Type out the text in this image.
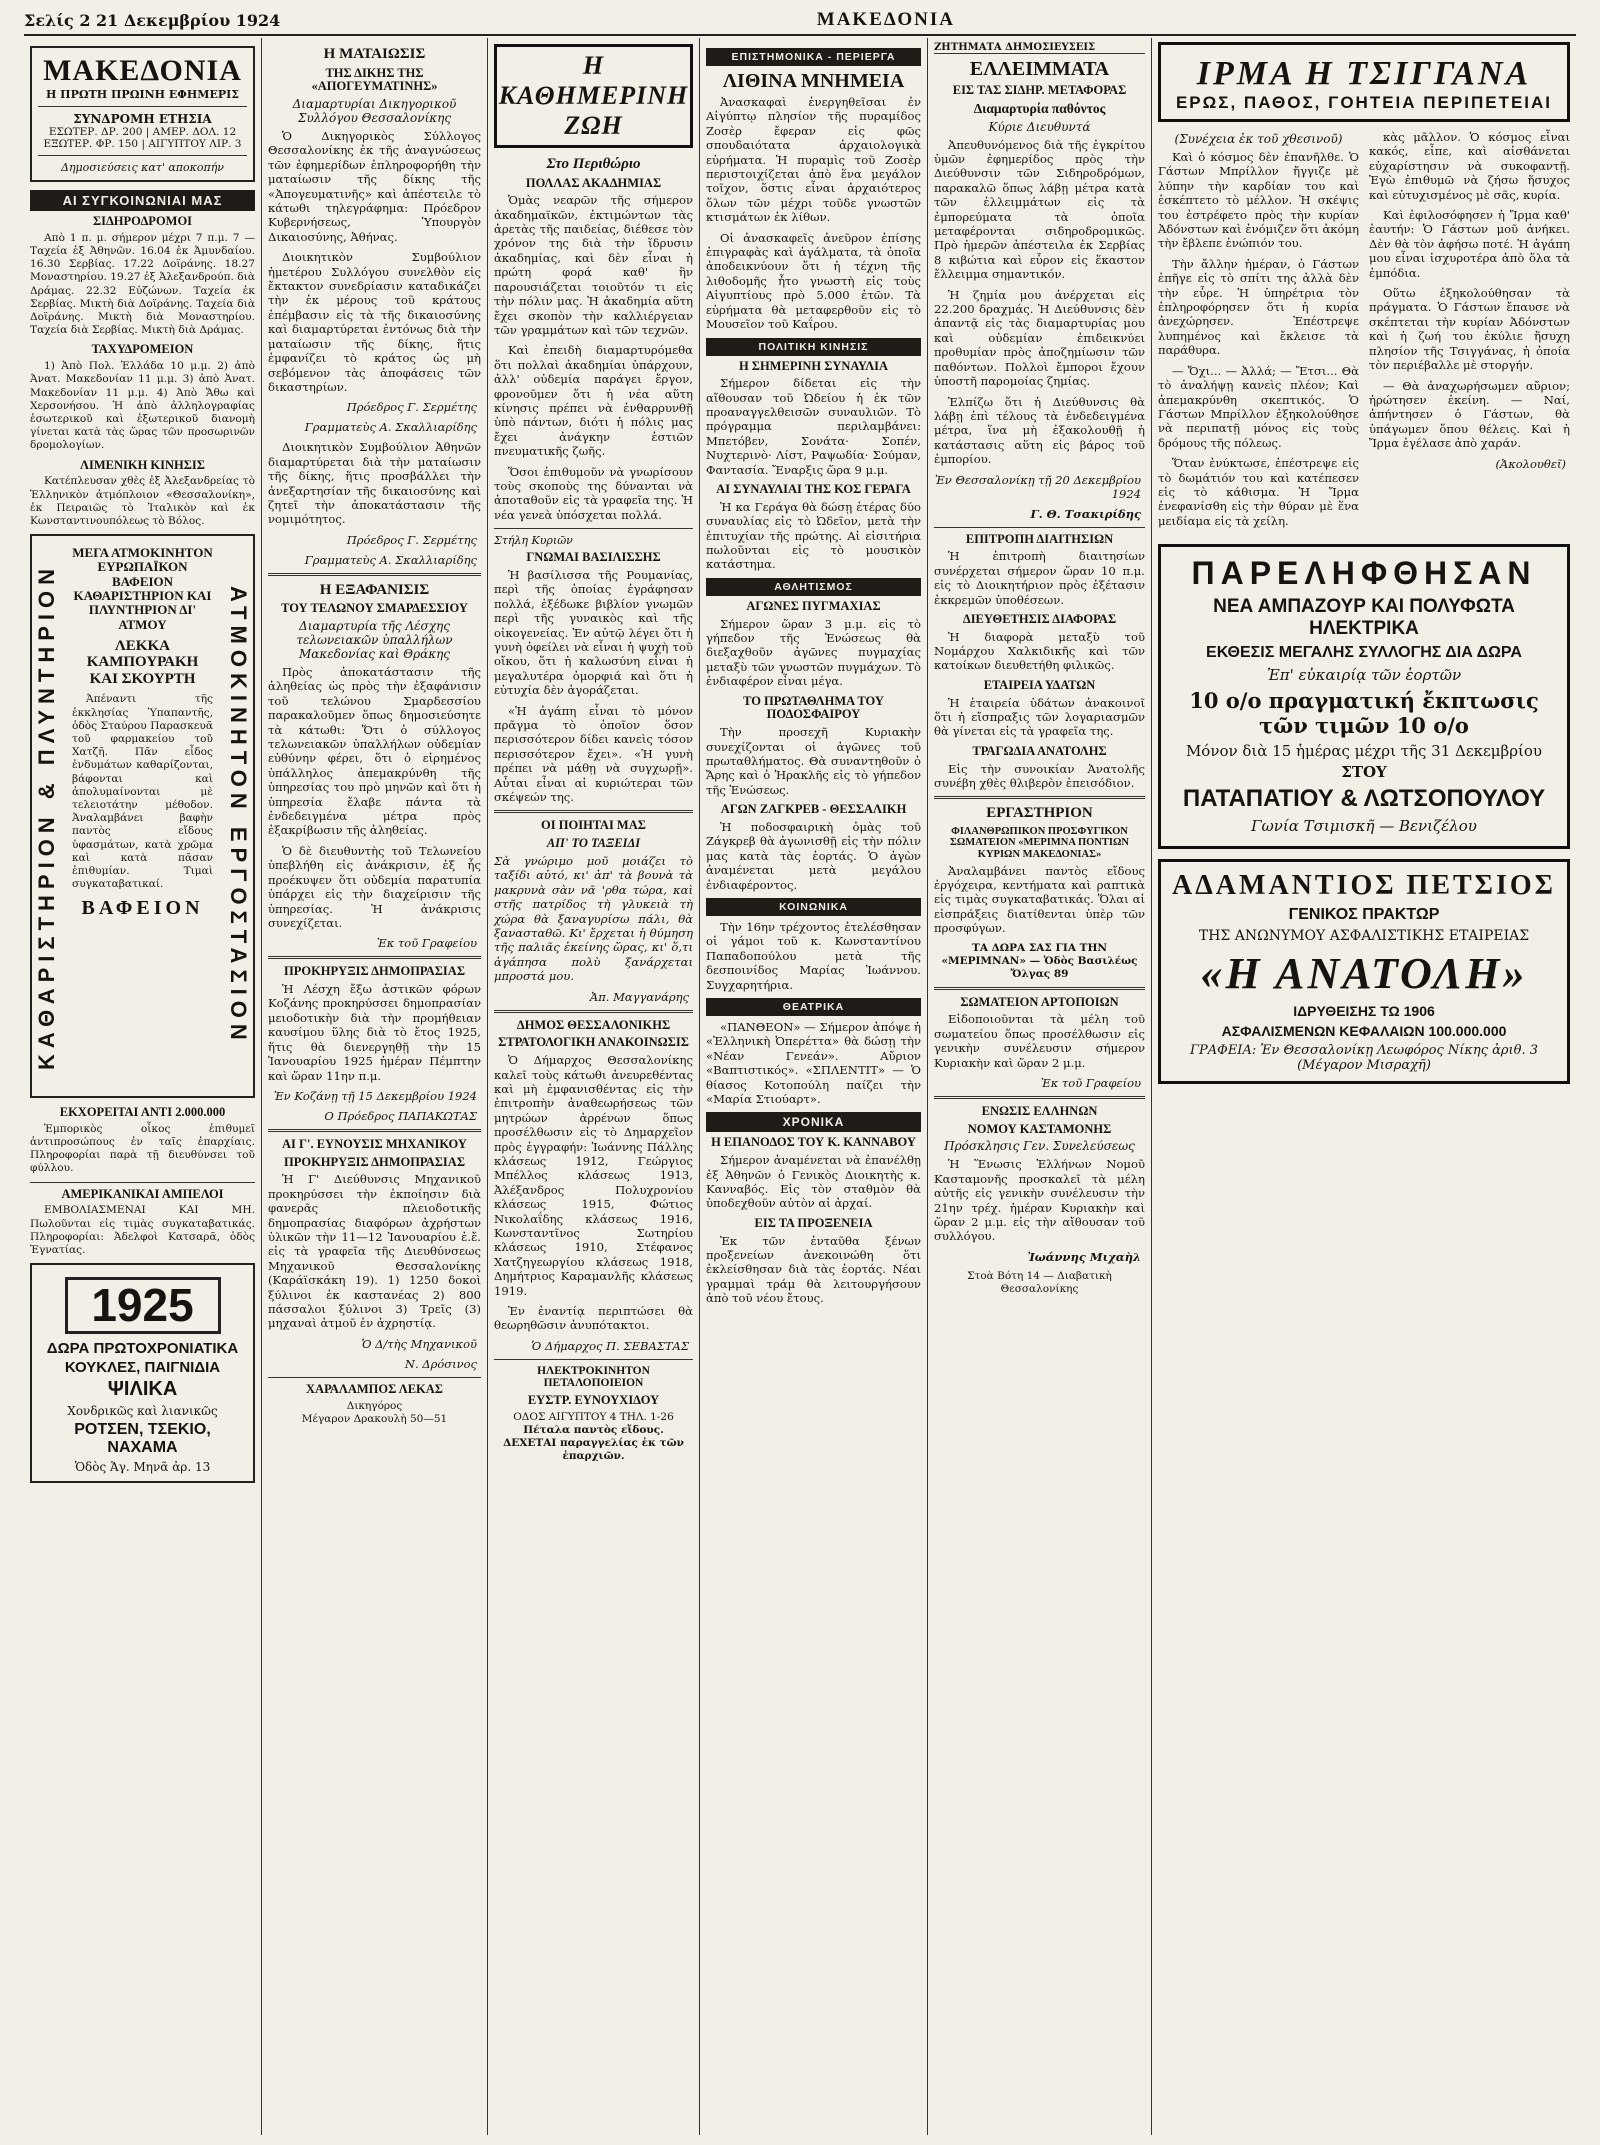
Σελίς 2 21 Δεκεμβρίου 1924	ΜΑΚΕΔΟΝΙΑ
ΜΑΚΕΔΟΝΙΑ
Η ΠΡΩΤΗ ΠΡΩΙΝΗ ΕΦΗΜΕΡΙΣ
ΣΥΝΔΡΟΜΗ ΕΤΗΣΙΑ
ΕΣΩΤΕΡ. ΔΡ. 200 | ΑΜΕΡ. ΔΟΛ. 12
ΕΞΩΤΕΡ. ΦΡ. 150 | ΑΙΓΥΠΤΟΥ ΛΙΡ. 3
Δημοσιεύσεις κατ' αποκοπήν
ΑΙ ΣΥΓΚΟΙΝΩΝΙΑΙ ΜΑΣ
ΣΙΔΗΡΟΔΡΟΜΟΙ

Απὸ 1 π. μ. σήμερον μέχρι 7 π.μ. 7 — Ταχεία ἐξ Ἀθηνῶν. 16.04 ἐκ Ἀμυνδαίου. 16.30 Σερβίας. 17.22 Δοϊράνης. 18.27 Μοναστηρίου. 19.27 ἐξ Ἀλεξανδρούπ. διὰ Δράμας. 22.32 Εὐζώνων. Ταχεία ἐκ Σερβίας. Μικτὴ διὰ Δοϊράνης. Ταχεία διὰ Δοϊράνης. Μικτὴ διὰ Μοναστηρίου. Ταχεία διὰ Σερβίας. Μικτὴ διὰ Δράμας.

ΤΑΧΥΔΡΟΜΕΙΟΝ

1) Ἀπὸ Πολ. Ἑλλάδα 10 μ.μ. 2) ἀπὸ Ἀνατ. Μακεδονίαν 11 μ.μ. 3) ἀπὸ Ἀνατ. Μακεδονίαν 11 μ.μ. 4) Ἀπὸ Ἄθω καὶ Χερσονήσου. Ἡ ἀπὸ ἀλληλογραφίας ἐσωτερικοῦ καὶ ἐξωτερικοῦ διανομὴ γίνεται κατὰ τὰς ὥρας τῶν προσωρινῶν δρομολογίων.

ΛΙΜΕΝΙΚΗ ΚΙΝΗΣΙΣ

Κατέπλευσαν χθὲς ἐξ Ἀλεξανδρείας τὸ Ἑλληνικὸν ἀτμόπλοιον «Θεσσαλονίκη», ἐκ Πειραιῶς τὸ Ἰταλικὸν καὶ ἐκ Κωνσταντινουπόλεως τὸ Βόλος.

ΚΑΘΑΡΙΣΤΗΡΙΟΝ & ΠΛΥΝΤΗΡΙΟΝ	ΑΤΜΟΚΙΝΗΤΟΝ ΕΡΓΟΣΤΑΣΙΟΝ
ΜΕΓΑ ΑΤΜΟΚΙΝΗΤΟΝ ΕΥΡΩΠΑΪΚΟΝ ΒΑΦΕΙΟΝ ΚΑΘΑΡΙΣΤΗΡΙΟΝ ΚΑΙ ΠΛΥΝΤΗΡΙΟΝ ΔΙ' ΑΤΜΟΥ
ΛΕΚΚΑ ΚΑΜΠΟΥΡΑΚΗ ΚΑΙ ΣΚΟΥΡΤΗ

Ἀπέναντι τῆς ἐκκλησίας Ὑπαπαντῆς, ὁδὸς Σταύρου Παρασκευᾶ τοῦ φαρμακείου τοῦ Χατζῆ. Πᾶν εἶδος ἐνδυμάτων καθαρίζονται, βάφονται καὶ ἀπολυμαίνονται μὲ τελειοτάτην μέθοδον. Ἀναλαμβάνει βαφὴν παντὸς εἴδους ὑφασμάτων, κατὰ χρῶμα καὶ κατὰ πᾶσαν ἐπιθυμίαν. Τιμαὶ συγκαταβατικαί.

ΒΑΦΕΙΟΝ
ΕΚΧΟΡΕΙΤΑΙ ΑΝΤΙ 2.000.000

Ἑμπορικὸς οἶκος ἐπιθυμεῖ ἀντιπροσώπους ἐν ταῖς ἐπαρχίαις. Πληροφορίαι παρὰ τῇ διευθύνσει τοῦ φύλλου.

ΑΜΕΡΙΚΑΝΙΚΑΙ ΑΜΠΕΛΟΙ

ΕΜΒΟΛΙΑΣΜΕΝΑΙ ΚΑΙ ΜΗ. Πωλοῦνται εἰς τιμὰς συγκαταβατικάς. Πληροφορίαι: Ἀδελφοὶ Κατσαρᾶ, ὁδὸς Ἐγνατίας.

1925
ΔΩΡΑ ΠΡΩΤΟΧΡΟΝΙΑΤΙΚΑ
ΚΟΥΚΛΕΣ, ΠΑΙΓΝΙΔΙΑ
ΨΙΛΙΚΑ
Χονδρικῶς καὶ λιανικῶς
ΡΟΤΣΕΝ, ΤΣΕΚΙΟ, ΝΑΧΑΜΑ
Ὁδὸς Ἁγ. Μηνᾶ ἀρ. 13
Η ΜΑΤΑΙΩΣΙΣ
ΤΗΣ ΔΙΚΗΣ ΤΗΣ «ΑΠΟΓΕΥΜΑΤΙΝΗΣ»
Διαμαρτυρίαι Δικηγορικοῦ Συλλόγου Θεσσαλονίκης

Ὁ Δικηγορικὸς Σύλλογος Θεσσαλονίκης ἐκ τῆς ἀναγνώσεως τῶν ἐφημερίδων ἐπληροφορήθη τὴν ματαίωσιν τῆς δίκης τῆς «Ἀπογευματινῆς» καὶ ἀπέστειλε τὸ κάτωθι τηλεγράφημα: Πρόεδρον Κυβερνήσεως, Ὑπουργὸν Δικαιοσύνης, Ἀθήνας.

Διοικητικὸν Συμβούλιον ἡμετέρου Συλλόγου συνελθὸν εἰς ἔκτακτον συνεδρίασιν καταδικάζει τὴν ἐκ μέρους τοῦ κράτους ἐπέμβασιν εἰς τὰ τῆς δικαιοσύνης καὶ διαμαρτύρεται ἐντόνως διὰ τὴν ματαίωσιν τῆς δίκης, ἥτις ἐμφανίζει τὸ κράτος ὡς μὴ σεβόμενον τὰς ἀποφάσεις τῶν δικαστηρίων.

Πρόεδρος Γ. Σερμέτης
Γραμματεὺς Α. Σκαλλιαρίδης

Διοικητικὸν Συμβούλιον Ἀθηνῶν διαμαρτύρεται διὰ τὴν ματαίωσιν τῆς δίκης, ἥτις προσβάλλει τὴν ἀνεξαρτησίαν τῆς δικαιοσύνης καὶ ζητεῖ τὴν ἀποκατάστασιν τῆς νομιμότητος.

Πρόεδρος Γ. Σερμέτης
Γραμματεὺς Α. Σκαλλιαρίδης
Η ΕΞΑΦΑΝΙΣΙΣ
ΤΟΥ ΤΕΛΩΝΟΥ ΣΜΑΡΔΕΣΣΙΟΥ
Διαμαρτυρία τῆς Λέσχης τελωνειακῶν ὑπαλλήλων Μακεδονίας καὶ Θράκης

Πρὸς ἀποκατάστασιν τῆς ἀληθείας ὡς πρὸς τὴν ἐξαφάνισιν τοῦ τελώνου Σμαρδεσσίου παρακαλοῦμεν ὅπως δημοσιεύσητε τὰ κάτωθι: Ὅτι ὁ σύλλογος τελωνειακῶν ὑπαλλήλων οὐδεμίαν εὐθύνην φέρει, ὅτι ὁ εἰρημένος ὑπάλληλος ἀπεμακρύνθη τῆς ὑπηρεσίας του πρὸ μηνῶν καὶ ὅτι ἡ ὑπηρεσία ἔλαβε πάντα τὰ ἐνδεδειγμένα μέτρα πρὸς ἐξακρίβωσιν τῆς ἀληθείας.

Ὁ δὲ διευθυντὴς τοῦ Τελωνείου ὑπεβλήθη εἰς ἀνάκρισιν, ἐξ ἧς προέκυψεν ὅτι οὐδεμία παρατυπία ὑπάρχει εἰς τὴν διαχείρισιν τῆς ὑπηρεσίας. Ἡ ἀνάκρισις συνεχίζεται.

Ἐκ τοῦ Γραφείου
ΠΡΟΚΗΡΥΞΙΣ ΔΗΜΟΠΡΑΣΙΑΣ

Ἡ Λέσχη ἔξω ἀστικῶν φόρων Κοζάνης προκηρύσσει δημοπρασίαν μειοδοτικὴν διὰ τὴν προμήθειαν καυσίμου ὕλης διὰ τὸ ἔτος 1925, ἥτις θὰ διενεργηθῇ τὴν 15 Ἰανουαρίου 1925 ἡμέραν Πέμπτην καὶ ὥραν 11ην π.μ.

Ἐν Κοζάνῃ τῇ 15 Δεκεμβρίου 1924
Ο Πρόεδρος ΠΑΠΑΚΩΤΑΣ
ΑΙ Γ'. ΕΥΝΟΥΣΙΣ ΜΗΧΑΝΙΚΟΥ
ΠΡΟΚΗΡΥΞΙΣ ΔΗΜΟΠΡΑΣΙΑΣ

Ἡ Γ' Διεύθυνσις Μηχανικοῦ προκηρύσσει τὴν ἐκποίησιν διὰ φανερᾶς πλειοδοτικῆς δημοπρασίας διαφόρων ἀχρήστων ὑλικῶν τὴν 11—12 Ἰανουαρίου ἐ.ἔ. εἰς τὰ γραφεῖα τῆς Διευθύνσεως Μηχανικοῦ Θεσσαλονίκης (Καράϊσκάκη 19). 1) 1250 δοκοὶ ξύλινοι ἐκ καστανέας 2) 800 πάσσαλοι ξύλινοι 3) Τρεῖς (3) μηχαναὶ ἀτμοῦ ἐν ἀχρηστίᾳ.

Ὁ Δ/τὴς Μηχανικοῦ
Ν. Δρόσινος
ΧΑΡΑΛΑΜΠΟΣ ΛΕΚΑΣ
Δικηγόρος
Μέγαρον Δρακουλὴ 50—51
Η ΚΑΘΗΜΕΡΙΝΗ ΖΩΗ
Στο Περιθώριο
ΠΟΛΛΑΣ ΑΚΑΔΗΜΙΑΣ

Ὁμὰς νεαρῶν τῆς σήμερον ἀκαδημαϊκῶν, ἐκτιμώντων τὰς ἀρετὰς τῆς παιδείας, διέθεσε τὸν χρόνον της διὰ τὴν ἵδρυσιν ἀκαδημίας, καὶ δὲν εἶναι ἡ πρώτη φορά καθ' ἣν παρουσιάζεται τοιοῦτόν τι εἰς τὴν πόλιν μας. Ἡ ἀκαδημία αὕτη ἔχει σκοπὸν τὴν καλλιέργειαν τῶν γραμμάτων καὶ τῶν τεχνῶν.

Καὶ ἐπειδὴ διαμαρτυρόμεθα ὅτι πολλαὶ ἀκαδημίαι ὑπάρχουν, ἀλλ' οὐδεμία παράγει ἔργον, φρονοῦμεν ὅτι ἡ νέα αὕτη κίνησις πρέπει νὰ ἐνθαρρυνθῇ ὑπὸ πάντων, διότι ἡ πόλις μας ἔχει ἀνάγκην ἑστιῶν πνευματικῆς ζωῆς.

Ὅσοι ἐπιθυμοῦν νὰ γνωρίσουν τοὺς σκοποὺς της δύνανται νὰ ἀποταθοῦν εἰς τὰ γραφεῖα της. Ἡ νέα γενεὰ ὑπόσχεται πολλά.

Στήλη Κυριῶν
ΓΝΩΜΑΙ ΒΑΣΙΛΙΣΣΗΣ

Ἡ βασίλισσα τῆς Ρουμανίας, περὶ τῆς ὁποίας ἐγράφησαν πολλά, ἐξέδωκε βιβλίον γνωμῶν περὶ τῆς γυναικὸς καὶ τῆς οἰκογενείας. Ἐν αὐτῷ λέγει ὅτι ἡ γυνὴ ὀφείλει νὰ εἶναι ἡ ψυχὴ τοῦ οἴκου, ὅτι ἡ καλωσύνη εἶναι ἡ μεγαλυτέρα ὀμορφιά καὶ ὅτι ἡ εὐτυχία δὲν ἀγοράζεται.

«Ἡ ἀγάπη εἶναι τὸ μόνον πρᾶγμα τὸ ὁποῖον ὅσον περισσότερον δίδει κανεὶς τόσον περισσότερον ἔχει». «Ἡ γυνὴ πρέπει νὰ μάθῃ νὰ συγχωρῇ». Αὗται εἶναι αἱ κυριώτεραι τῶν σκέψεών της.

ΟΙ ΠΟΙΗΤΑΙ ΜΑΣ
ΑΠ' ΤΟ ΤΑΞΕΙΔΙ

Σὰ γνώριμο μοῦ μοιάζει τὸ ταξίδι αὐτό, κι' ἀπ' τὰ βουνὰ τὰ μακρυνὰ σὰν νᾶ 'ρθα τώρα, καὶ στῆς πατρίδος τὴ γλυκειὰ τὴ χώρα θὰ ξαναγυρίσω πάλι, θὰ ξανασταθῶ. Κι' ἔρχεται ἡ θύμηση τῆς παλιᾶς ἐκείνης ὥρας, κι' ὅ,τι ἀγάπησα πολὺ ξανάρχεται μπροστά μου.

Ἀπ. Μαγγανάρης
ΔΗΜΟΣ ΘΕΣΣΑΛΟΝΙΚΗΣ
ΣΤΡΑΤΟΛΟΓΙΚΗ ΑΝΑΚΟΙΝΩΣΙΣ

Ὁ Δήμαρχος Θεσσαλονίκης καλεῖ τοὺς κάτωθι ἀνευρεθέντας καὶ μὴ ἐμφανισθέντας εἰς τὴν ἐπιτροπὴν ἀναθεωρήσεως τῶν μητρώων ἀρρένων ὅπως προσέλθωσιν εἰς τὸ Δημαρχεῖον πρὸς ἐγγραφήν: Ἰωάννης Πάλλης κλάσεως 1912, Γεώργιος Μπέλλος κλάσεως 1913, Ἀλέξανδρος Πολυχρονίου κλάσεως 1915, Φώτιος Νικολαΐδης κλάσεως 1916, Κωνσταντῖνος Σωτηρίου κλάσεως 1910, Στέφανος Χατζηγεωργίου κλάσεως 1918, Δημήτριος Καραμανλῆς κλάσεως 1919.

Ἐν ἐναντίᾳ περιπτώσει θὰ θεωρηθῶσιν ἀνυπότακτοι.

Ὁ Δήμαρχος Π. ΣΕΒΑΣΤΑΣ
ΗΛΕΚΤΡΟΚΙΝΗΤΟΝ ΠΕΤΑΛΟΠΟΙΕΙΟΝ
ΕΥΣΤΡ. ΕΥΝΟΥΧΙΔΟΥ
ΟΔΟΣ ΑΙΓΥΠΤΟΥ 4 ΤΗΛ. 1-26
Πέταλα παντὸς εἴδους.
ΔΕΧΕΤΑΙ παραγγελίας ἐκ τῶν ἐπαρχιῶν.
ΕΠΙΣΤΗΜΟΝΙΚΑ - ΠΕΡΙΕΡΓΑ
ΛΙΘΙΝΑ ΜΝΗΜΕΙΑ

Ἀνασκαφαὶ ἐνεργηθεῖσαι ἐν Αἰγύπτῳ πλησίον τῆς πυραμίδος Ζοσὲρ ἔφεραν εἰς φῶς σπουδαιότατα ἀρχαιολογικὰ εὑρήματα. Ἡ πυραμὶς τοῦ Ζοσὲρ περιστοιχίζεται ἀπὸ ἕνα μεγάλον τοῖχον, ὅστις εἶναι ἀρχαιότερος ὅλων τῶν μέχρι τοῦδε γνωστῶν κτισμάτων ἐκ λίθων.

Οἱ ἀνασκαφεῖς ἀνεῦρον ἐπίσης ἐπιγραφὰς καὶ ἀγάλματα, τὰ ὁποῖα ἀποδεικνύουν ὅτι ἡ τέχνη τῆς λιθοδομῆς ἦτο γνωστὴ εἰς τοὺς Αἰγυπτίους πρὸ 5.000 ἐτῶν. Τὰ εὑρήματα θὰ μεταφερθοῦν εἰς τὸ Μουσεῖον τοῦ Καΐρου.

ΠΟΛΙΤΙΚΗ ΚΙΝΗΣΙΣ
Η ΣΗΜΕΡΙΝΗ ΣΥΝΑΥΛΙΑ

Σήμερον δίδεται εἰς τὴν αἴθουσαν τοῦ Ὠδείου ἡ ἐκ τῶν προαναγγελθεισῶν συναυλιῶν. Τὸ πρόγραμμα περιλαμβάνει: Μπετόβεν, Σονάτα· Σοπέν, Νυχτερινὸ· Λίστ, Ραψωδία· Σούμαν, Φαντασία. Ἔναρξις ὥρα 9 μ.μ.

ΑΙ ΣΥΝΑΥΛΙΑΙ ΤΗΣ ΚΟΣ ΓΕΡΑΓΑ

Ἡ κα Γεράγα θὰ δώσῃ ἑτέρας δύο συναυλίας εἰς τὸ Ὠδεῖον, μετὰ τὴν ἐπιτυχίαν τῆς πρώτης. Αἱ εἰσιτήρια πωλοῦνται εἰς τὸ μουσικὸν κατάστημα.

ΑΘΛΗΤΙΣΜΟΣ
ΑΓΩΝΕΣ ΠΥΓΜΑΧΙΑΣ

Σήμερον ὥραν 3 μ.μ. εἰς τὸ γήπεδον τῆς Ἑνώσεως θὰ διεξαχθοῦν ἀγῶνες πυγμαχίας μεταξὺ τῶν γνωστῶν πυγμάχων. Τὸ ἐνδιαφέρον εἶναι μέγα.

ΤΟ ΠΡΩΤΑΘΛΗΜΑ ΤΟΥ ΠΟΔΟΣΦΑΙΡΟΥ

Τὴν προσεχῆ Κυριακὴν συνεχίζονται οἱ ἀγῶνες τοῦ πρωταθλήματος. Θὰ συναντηθοῦν ὁ Ἄρης καὶ ὁ Ἡρακλῆς εἰς τὸ γήπεδον τῆς Ἑνώσεως.

ΑΓΩΝ ΖΑΓΚΡΕΒ - ΘΕΣΣΑΛΙΚΗ

Ἡ ποδοσφαιρικὴ ὁμὰς τοῦ Ζάγκρεβ θὰ ἀγωνισθῇ εἰς τὴν πόλιν μας κατὰ τὰς ἑορτάς. Ὁ ἀγὼν ἀναμένεται μετὰ μεγάλου ἐνδιαφέροντος.

ΚΟΙΝΩΝΙΚΑ

Τὴν 16ην τρέχοντος ἐτελέσθησαν οἱ γάμοι τοῦ κ. Κωνσταντίνου Παπαδοπούλου μετὰ τῆς δεσποινίδος Μαρίας Ἰωάννου. Συγχαρητήρια.

ΘΕΑΤΡΙΚΑ

«ΠΑΝΘΕΟΝ» — Σήμερον ἀπόψε ἡ «Ἑλληνικὴ Ὀπερέττα» θὰ δώσῃ τὴν «Νέαν Γενεάν». Αὔριον «Βαπτιστικός». «ΣΠΛΕΝΤΙΤ» — Ὁ θίασος Κοτοπούλη παίζει τὴν «Μαρία Στιούαρτ».

ΧΡΟΝΙΚΑ
Η ΕΠΑΝΟΔΟΣ ΤΟΥ Κ. ΚΑΝΝΑΒΟΥ

Σήμερον ἀναμένεται νὰ ἐπανέλθῃ ἐξ Ἀθηνῶν ὁ Γενικὸς Διοικητὴς κ. Κανναβός. Εἰς τὸν σταθμὸν θὰ ὑποδεχθοῦν αὐτὸν αἱ ἀρχαί.

ΕΙΣ ΤΑ ΠΡΟΞΕΝΕΙΑ

Ἐκ τῶν ἐνταῦθα ξένων προξενείων ἀνεκοινώθη ὅτι ἐκλείσθησαν διὰ τὰς ἑορτάς. Νέαι γραμμαὶ τράμ θὰ λειτουργήσουν ἀπὸ τοῦ νέου ἔτους.

ΖΗΤΗΜΑΤΑ ΔΗΜΟΣΙΕΥΣΕΙΣ
ΕΛΛΕΙΜΜΑΤΑ
ΕΙΣ ΤΑΣ ΣΙΔΗΡ. ΜΕΤΑΦΟΡΑΣ
Διαμαρτυρία παθόντος
Κύριε Διευθυντά

Ἀπευθυνόμενος διὰ τῆς ἐγκρίτου ὑμῶν ἐφημερίδος πρὸς τὴν Διεύθυνσιν τῶν Σιδηροδρόμων, παρακαλῶ ὅπως λάβῃ μέτρα κατὰ τῶν ἐλλειμμάτων εἰς τὰ ἐμπορεύματα τὰ ὁποῖα μεταφέρονται σιδηροδρομικῶς. Πρὸ ἡμερῶν ἀπέστειλα ἐκ Σερβίας 8 κιβώτια καὶ εὗρον εἰς ἕκαστον ἔλλειμμα σημαντικόν.

Ἡ ζημία μου ἀνέρχεται εἰς 22.200 δραχμάς. Ἡ Διεύθυνσις δὲν ἀπαντᾷ εἰς τὰς διαμαρτυρίας μου καὶ οὐδεμίαν ἐπιδεικνύει προθυμίαν πρὸς ἀποζημίωσιν τῶν παθόντων. Πολλοὶ ἔμποροι ἔχουν ὑποστῆ παρομοίας ζημίας.

Ἐλπίζω ὅτι ἡ Διεύθυνσις θὰ λάβῃ ἐπὶ τέλους τὰ ἐνδεδειγμένα μέτρα, ἵνα μὴ ἐξακολουθῇ ἡ κατάστασις αὕτη εἰς βάρος τοῦ ἐμπορίου.

Ἐν Θεσσαλονίκῃ τῇ 20 Δεκεμβρίου 1924
Γ. Θ. Τσακιρίδης
ΕΠΙΤΡΟΠΗ ΔΙΑΙΤΗΣΙΩΝ

Ἡ ἐπιτροπὴ διαιτησίων συνέρχεται σήμερον ὥραν 10 π.μ. εἰς τὸ Διοικητήριον πρὸς ἐξέτασιν ἐκκρεμῶν ὑποθέσεων.

ΔΙΕΥΘΕΤΗΣΙΣ ΔΙΑΦΟΡΑΣ

Ἡ διαφορὰ μεταξὺ τοῦ Νομάρχου Χαλκιδικῆς καὶ τῶν κατοίκων διευθετήθη φιλικῶς.

ΕΤΑΙΡΕΙΑ ΥΔΑΤΩΝ

Ἡ ἑταιρεία ὑδάτων ἀνακοινοῖ ὅτι ἡ εἴσπραξις τῶν λογαριασμῶν θὰ γίνεται εἰς τὰ γραφεῖα της.

ΤΡΑΓΩΔΙΑ ΑΝΑΤΟΛΗΣ

Εἰς τὴν συνοικίαν Ἀνατολῆς συνέβη χθὲς θλιβερὸν ἐπεισόδιον.

ΕΡΓΑΣΤΗΡΙΟΝ
ΦΙΛΑΝΘΡΩΠΙΚΟΝ ΠΡΟΣΦΥΓΙΚΟΝ ΣΩΜΑΤΕΙΟΝ «ΜΕΡΙΜΝΑ ΠΟΝΤΙΩΝ ΚΥΡΙΩΝ ΜΑΚΕΔΟΝΙΑΣ»

Ἀναλαμβάνει παντὸς εἴδους ἐργόχειρα, κεντήματα καὶ ραπτικὰ εἰς τιμὰς συγκαταβατικάς. Ὅλαι αἱ εἰσπράξεις διατίθενται ὑπὲρ τῶν προσφύγων.

ΤΑ ΔΩΡΑ ΣΑΣ ΓΙΑ ΤΗΝ «ΜΕΡΙΜΝΑΝ» — Ὁδὸς Βασιλέως Ὄλγας 89
ΣΩΜΑΤΕΙΟΝ ΑΡΤΟΠΟΙΩΝ

Εἰδοποιοῦνται τὰ μέλη τοῦ σωματείου ὅπως προσέλθωσιν εἰς γενικὴν συνέλευσιν σήμερον Κυριακὴν καὶ ὥραν 2 μ.μ.

Ἐκ τοῦ Γραφείου
ΕΝΩΣΙΣ ΕΛΛΗΝΩΝ
ΝΟΜΟΥ ΚΑΣΤΑΜΟΝΗΣ
Πρόσκλησις Γεν. Συνελεύσεως

Ἡ Ἕνωσις Ἑλλήνων Νομοῦ Κασταμονῆς προσκαλεῖ τὰ μέλη αὐτῆς εἰς γενικὴν συνέλευσιν τὴν 21ην τρέχ. ἡμέραν Κυριακὴν καὶ ὥραν 2 μ.μ. εἰς τὴν αἴθουσαν τοῦ συλλόγου.

Ἰωάννης Μιχαὴλ
Στοὰ Βότη 14 — Διαβατικὴ Θεσσαλονίκης
ΙΡΜΑ Η ΤΣΙΓΓΑΝΑ
ΕΡΩΣ, ΠΑΘΟΣ, ΓΟΗΤΕΙΑ ΠΕΡΙΠΕΤΕΙΑΙ
(Συνέχεια ἐκ τοῦ χθεσινοῦ)

Καὶ ὁ κόσμος δὲν ἐπανῆλθε. Ὁ Γάστων Μπρίλλον ἤγγιζε μὲ λύπην τὴν καρδίαν του καὶ ἐσκέπτετο τὸ μέλλον. Ἡ σκέψις του ἐστρέφετο πρὸς τὴν κυρίαν Ἀδόνστων καὶ ἐνόμιζεν ὅτι ἀκόμη τὴν ἔβλεπε ἐνώπιόν του.

Τὴν ἄλλην ἡμέραν, ὁ Γάστων ἐπῆγε εἰς τὸ σπίτι της ἀλλὰ δὲν τὴν εὗρε. Ἡ ὑπηρέτρια τὸν ἐπληροφόρησεν ὅτι ἡ κυρία ἀνεχώρησεν. Ἐπέστρεψε λυπημένος καὶ ἔκλεισε τὰ παράθυρα.

— Ὄχι... — Ἀλλά; — Ἔτσι... Θὰ τὸ ἀναλήψῃ κανεὶς πλέον; Καὶ ἀπεμακρύνθη σκεπτικός. Ὁ Γάστων Μπρίλλον ἐξηκολούθησε νὰ περιπατῇ μόνος εἰς τοὺς δρόμους τῆς πόλεως.

Ὅταν ἐνύκτωσε, ἐπέστρεψε εἰς τὸ δωμάτιόν του καὶ κατέπεσεν εἰς τὸ κάθισμα. Ἡ Ἴρμα ἐνεφανίσθη εἰς τὴν θύραν μὲ ἕνα μειδίαμα εἰς τὰ χείλη.

κὰς μᾶλλον. Ὁ κόσμος εἶναι κακός, εἶπε, καὶ αἰσθάνεται εὐχαρίστησιν νὰ συκοφαντῇ. Ἐγὼ ἐπιθυμῶ νὰ ζήσω ἥσυχος καὶ εὐτυχισμένος μὲ σᾶς, κυρία.

Καὶ ἐφιλοσόφησεν ἡ Ἴρμα καθ' ἑαυτήν: Ὁ Γάστων μοῦ ἀνήκει. Δὲν θὰ τὸν ἀφήσω ποτέ. Ἡ ἀγάπη μου εἶναι ἰσχυροτέρα ἀπὸ ὅλα τὰ ἐμπόδια.

Οὕτω ἐξηκολούθησαν τὰ πράγματα. Ὁ Γάστων ἔπαυσε νὰ σκέπτεται τὴν κυρίαν Ἀδόνστων καὶ ἡ ζωή του ἐκύλιε ἥσυχη πλησίον τῆς Τσιγγάνας, ἡ ὁποία τὸν περιέβαλλε μὲ στοργήν.

— Θὰ ἀναχωρήσωμεν αὔριον; ἠρώτησεν ἐκείνη. — Ναί, ἀπήντησεν ὁ Γάστων, θὰ ὑπάγωμεν ὅπου θέλεις. Καὶ ἡ Ἴρμα ἐγέλασε ἀπὸ χαράν.

(Ἀκολουθεῖ)
ΠΑΡΕΛΗΦΘΗΣΑΝ
ΝΕΑ ΑΜΠΑΖΟΥΡ ΚΑΙ ΠΟΛΥΦΩΤΑ ΗΛΕΚΤΡΙΚΑ
ΕΚΘΕΣΙΣ ΜΕΓΑΛΗΣ ΣΥΛΛΟΓΗΣ ΔΙΑ ΔΩΡΑ
Ἐπ' εὐκαιρίᾳ τῶν ἑορτῶν
10 ο/ο πραγματική ἔκπτωσις τῶν τιμῶν 10 ο/ο
Μόνον διὰ 15 ἡμέρας μέχρι τῆς 31 Δεκεμβρίου
ΣΤΟΥ
ΠΑΤΑΠΑΤΙΟΥ & ΛΩΤΣΟΠΟΥΛΟΥ
Γωνία Τσιμισκῆ — Βενιζέλου
ΑΔΑΜΑΝΤΙΟΣ ΠΕΤΣΙΟΣ
ΓΕΝΙΚΟΣ ΠΡΑΚΤΩΡ
ΤΗΣ ΑΝΩΝΥΜΟΥ ΑΣΦΑΛΙΣΤΙΚΗΣ ΕΤΑΙΡΕΙΑΣ
«Η ΑΝΑΤΟΛΗ»
ΙΔΡΥΘΕΙΣΗΣ ΤΩ 1906
ΑΣΦΑΛΙΣΜΕΝΩΝ ΚΕΦΑΛΑΙΩΝ 100.000.000
ΓΡΑΦΕΙΑ: Ἐν Θεσσαλονίκῃ Λεωφόρος Νίκης ἀριθ. 3
(Μέγαρον Μισραχῆ)
